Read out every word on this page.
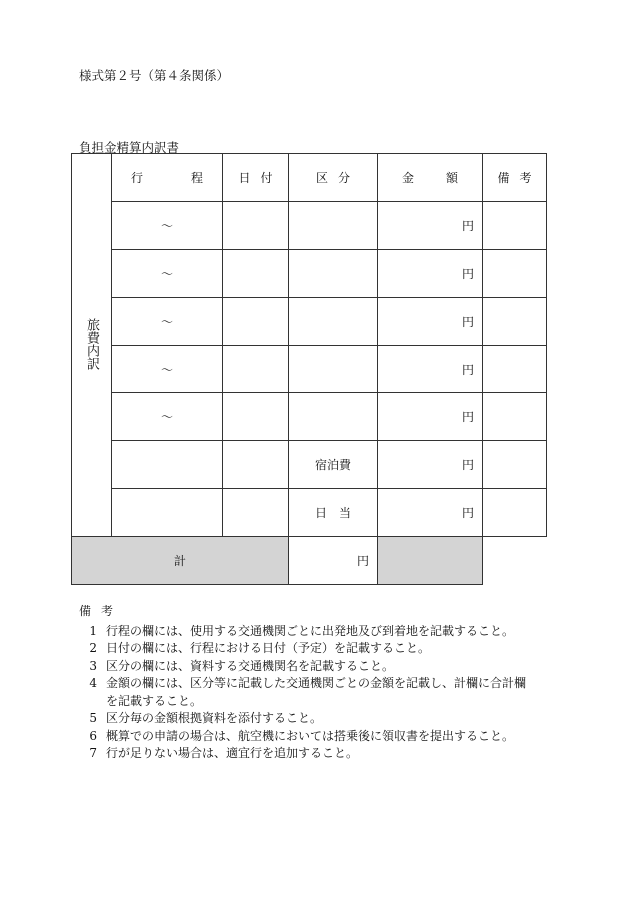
様式第２号（第４条関係）
負担金精算内訳書
旅費内訳	行　程	日付	区分	金　額	備考
	～			円	
	～			円	
	～			円	
	～			円	
	～			円	
			宿泊費	円	
			日　当	円	
計			円		
備考
1 行程の欄には、使用する交通機関ごとに出発地及び到着地を記載すること。
2 日付の欄には、行程における日付（予定）を記載すること。
3 区分の欄には、資料する交通機関名を記載すること。
4 金額の欄には、区分等に記載した交通機関ごとの金額を記載し、計欄に合計欄を記載すること。
5 区分毎の金額根拠資料を添付すること。
6 概算での申請の場合は、航空機においては搭乗後に領収書を提出すること。
7 行が足りない場合は、適宜行を追加すること。
